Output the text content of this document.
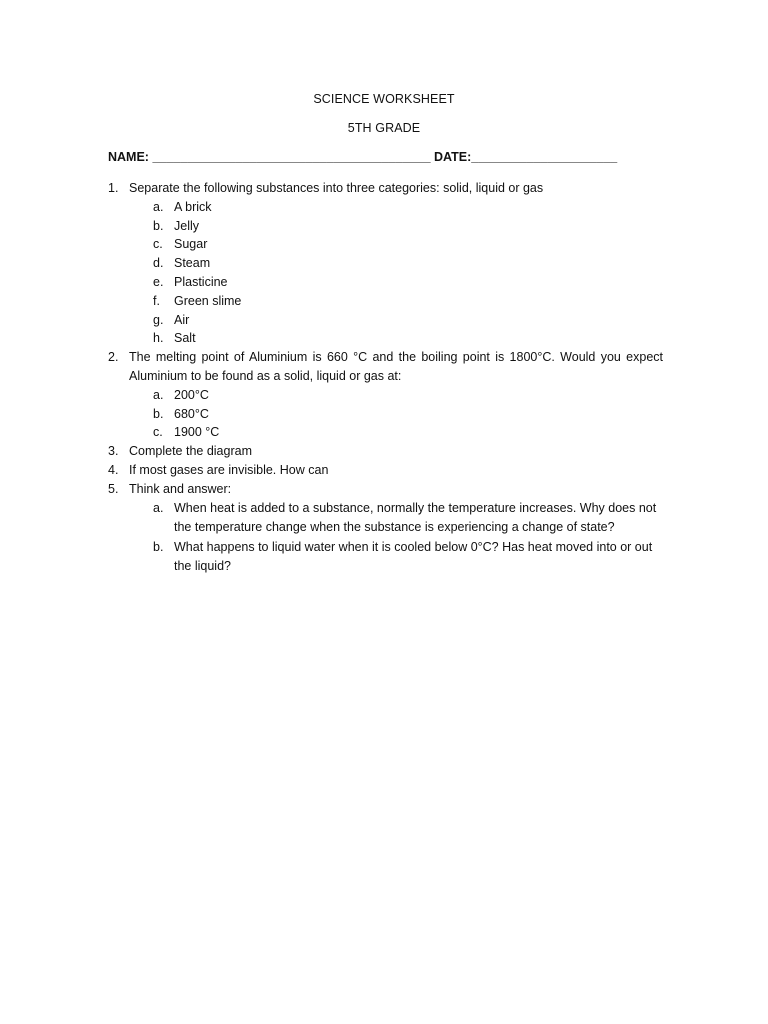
SCIENCE WORKSHEET
5TH GRADE
NAME: ________________________________________ DATE:_____________________
1. Separate the following substances into three categories: solid, liquid or gas
a. A brick
b. Jelly
c. Sugar
d. Steam
e. Plasticine
f. Green slime
g. Air
h. Salt
2. The melting point of Aluminium is 660 °C and the boiling point is 1800°C. Would you expect Aluminium to be found as a solid, liquid or gas at:
a. 200°C
b. 680°C
c. 1900 °C
3. Complete the diagram
4. If most gases are invisible. How can
5. Think and answer:
a. When heat is added to a substance, normally the temperature increases. Why does not the temperature change when the substance is experiencing a change of state?
b. What happens to liquid water when it is cooled below 0°C? Has heat moved into or out the liquid?
